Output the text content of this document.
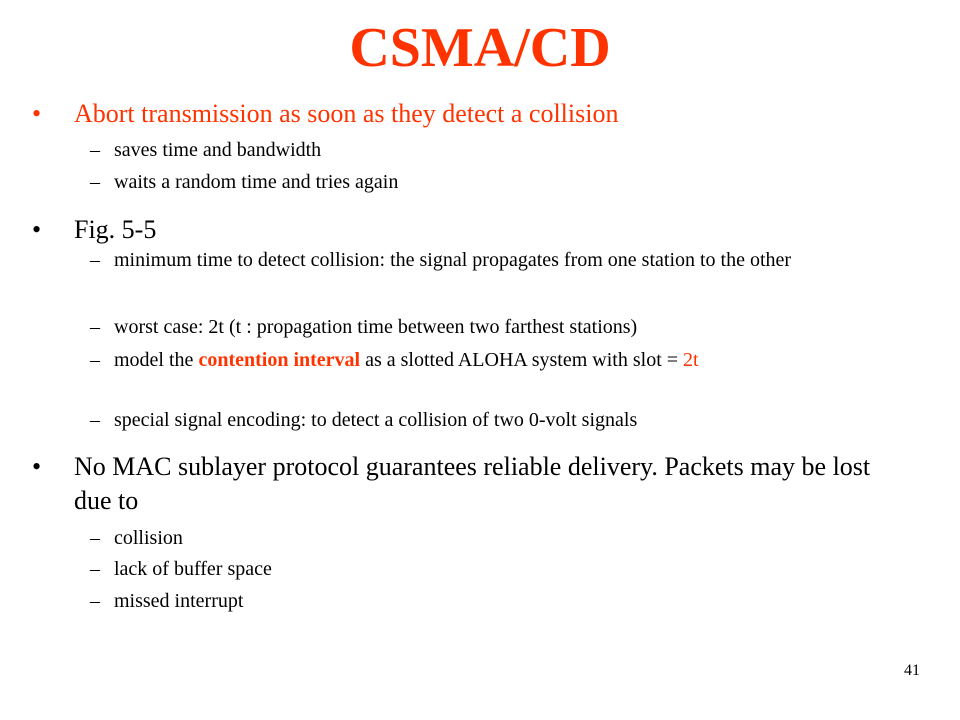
CSMA/CD
• Abort transmission as soon as they detect a collision
– saves time and bandwidth
– waits a random time and tries again
• Fig. 5-5
– minimum time to detect collision: the signal propagates from one station to the other
– worst case: 2t (t : propagation time between two farthest stations)
– model the contention interval as a slotted ALOHA system with slot = 2t
– special signal encoding: to detect a collision of two 0-volt signals
• No MAC sublayer protocol guarantees reliable delivery. Packets may be lost due to
– collision
– lack of buffer space
– missed interrupt
41
